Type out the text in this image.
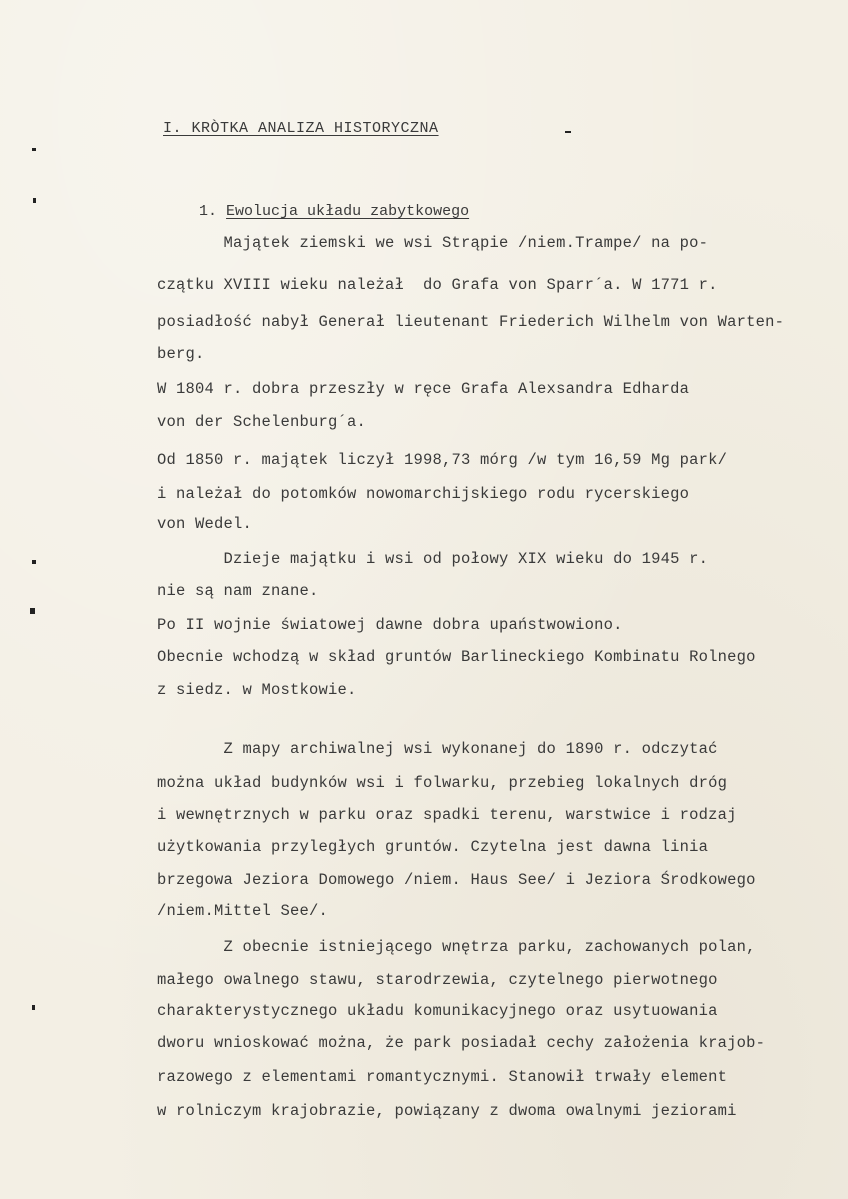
I. KRÒTKA ANALIZA HISTORYCZNA

1. Ewolucja układu zabytkowego

Majątek ziemski we wsi Strąpie /niem.Trampe/ na po-
czątku XVIII wieku należał  do Grafa von Sparr´a. W 1771 r.
posiadłość nabył Generał lieutenant Friederich Wilhelm von Warten-
berg.
W 1804 r. dobra przeszły w ręce Grafa Alexsandra Edharda
von der Schelenburg´a.
Od 1850 r. majątek liczył 1998,73 mórg /w tym 16,59 Mg park/
i należał do potomków nowomarchijskiego rodu rycerskiego
von Wedel.
Dzieje majątku i wsi od połowy XIX wieku do 1945 r.
nie są nam znane.
Po II wojnie światowej dawne dobra upaństwowiono.
Obecnie wchodzą w skład gruntów Barlineckiego Kombinatu Rolnego
z siedz. w Mostkowie.
Z mapy archiwalnej wsi wykonanej do 1890 r. odczytać
można układ budynków wsi i folwarku, przebieg lokalnych dróg
i wewnętrznych w parku oraz spadki terenu, warstwice i rodzaj
użytkowania przyległych gruntów. Czytelna jest dawna linia
brzegowa Jeziora Domowego /niem. Haus See/ i Jeziora Środkowego
/niem.Mittel See/.
Z obecnie istniejącego wnętrza parku, zachowanych polan,
małego owalnego stawu, starodrzewia, czytelnego pierwotnego
charakterystycznego układu komunikacyjnego oraz usytuowania
dworu wnioskować można, że park posiadał cechy założenia krajob-
razowego z elementami romantycznymi. Stanowił trwały element
w rolniczym krajobrazie, powiązany z dwoma owalnymi jeziorami
